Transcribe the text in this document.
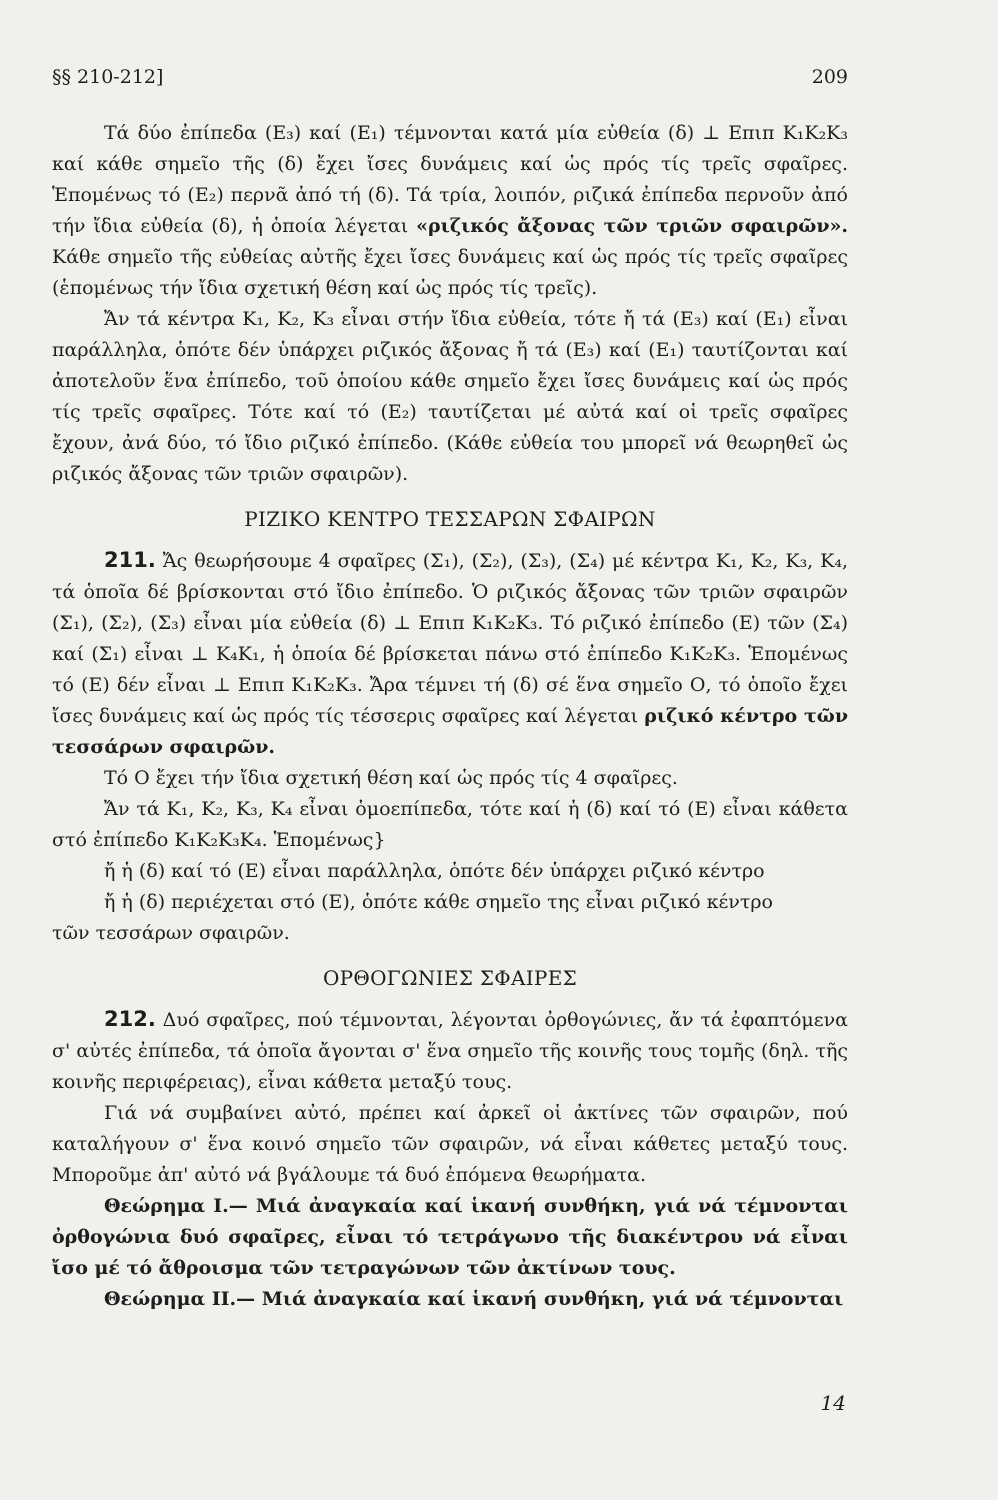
§§ 210-212]	209

Τά δύο ἐπίπεδα (Ε₃) καί (Ε₁) τέμνονται κατά μία εὐθεία (δ) ⊥ Επιπ Κ₁Κ₂Κ₃ καί κάθε σημεῖο τῆς (δ) ἔχει ἴσες δυνάμεις καί ὡς πρός τίς τρεῖς σφαῖρες. Ἑπομένως τό (Ε₂) περνᾶ ἀπό τή (δ). Τά τρία, λοιπόν, ριζικά ἐπίπεδα περνοῦν ἀπό τήν ἴδια εὐθεία (δ), ἡ ὁποία λέγεται «ριζικός ἄξονας τῶν τριῶν σφαιρῶν». Κάθε σημεῖο τῆς εὐθείας αὐτῆς ἔχει ἴσες δυνάμεις καί ὡς πρός τίς τρεῖς σφαῖρες (ἑπομένως τήν ἴδια σχετική θέση καί ὡς πρός τίς τρεῖς).

Ἄν τά κέντρα Κ₁, Κ₂, Κ₃ εἶναι στήν ἴδια εὐθεία, τότε ἤ τά (Ε₃) καί (Ε₁) εἶναι παράλληλα, ὁπότε δέν ὑπάρχει ριζικός ἄξονας ἤ τά (Ε₃) καί (Ε₁) ταυτίζονται καί ἀποτελοῦν ἕνα ἐπίπεδο, τοῦ ὁποίου κάθε σημεῖο ἔχει ἴσες δυνάμεις καί ὡς πρός τίς τρεῖς σφαῖρες. Τότε καί τό (Ε₂) ταυτίζεται μέ αὐτά καί οἱ τρεῖς σφαῖρες ἔχουν, ἀνά δύο, τό ἴδιο ριζικό ἐπίπεδο. (Κάθε εὐθεία του μπορεῖ νά θεωρηθεῖ ὡς ριζικός ἄξονας τῶν τριῶν σφαιρῶν).

ΡΙΖΙΚΟ ΚΕΝΤΡΟ ΤΕΣΣΑΡΩΝ ΣΦΑΙΡΩΝ

211. Ἄς θεωρήσουμε 4 σφαῖρες (Σ₁), (Σ₂), (Σ₃), (Σ₄) μέ κέντρα Κ₁, Κ₂, Κ₃, Κ₄, τά ὁποῖα δέ βρίσκονται στό ἴδιο ἐπίπεδο. Ὁ ριζικός ἄξονας τῶν τριῶν σφαιρῶν (Σ₁), (Σ₂), (Σ₃) εἶναι μία εὐθεία (δ) ⊥ Επιπ Κ₁Κ₂Κ₃. Τό ριζικό ἐπίπεδο (Ε) τῶν (Σ₄) καί (Σ₁) εἶναι ⊥ Κ₄Κ₁, ἡ ὁποία δέ βρίσκεται πάνω στό ἐπίπεδο Κ₁Κ₂Κ₃. Ἑπομένως τό (Ε) δέν εἶναι ⊥ Επιπ Κ₁Κ₂Κ₃. Ἄρα τέμνει τή (δ) σέ ἕνα σημεῖο Ο, τό ὁποῖο ἔχει ἴσες δυνάμεις καί ὡς πρός τίς τέσσερις σφαῖρες καί λέγεται ριζικό κέντρο τῶν τεσσάρων σφαιρῶν.

Τό Ο ἔχει τήν ἴδια σχετική θέση καί ὡς πρός τίς 4 σφαῖρες.

Ἄν τά Κ₁, Κ₂, Κ₃, Κ₄ εἶναι ὁμοεπίπεδα, τότε καί ἡ (δ) καί τό (Ε) εἶναι κάθετα στό ἐπίπεδο Κ₁Κ₂Κ₃Κ₄. Ἑπομένως}

ἤ ἡ (δ) καί τό (Ε) εἶναι παράλληλα, ὁπότε δέν ὑπάρχει ριζικό κέντρο

ἤ ἡ (δ) περιέχεται στό (Ε), ὁπότε κάθε σημεῖο της εἶναι ριζικό κέντρο

τῶν τεσσάρων σφαιρῶν.

ΟΡΘΟΓΩΝΙΕΣ ΣΦΑΙΡΕΣ

212. Δυό σφαῖρες, πού τέμνονται, λέγονται ὀρθογώνιες, ἄν τά ἐφαπτόμενα σ' αὐτές ἐπίπεδα, τά ὁποῖα ἄγονται σ' ἕνα σημεῖο τῆς κοινῆς τους τομῆς (δηλ. τῆς κοινῆς περιφέρειας), εἶναι κάθετα μεταξύ τους.

Γιά νά συμβαίνει αὐτό, πρέπει καί ἀρκεῖ οἱ ἀκτίνες τῶν σφαιρῶν, πού καταλήγουν σ' ἕνα κοινό σημεῖο τῶν σφαιρῶν, νά εἶναι κάθετες μεταξύ τους. Μποροῦμε ἀπ' αὐτό νά βγάλουμε τά δυό ἑπόμενα θεωρήματα.

Θεώρημα Ι.— Μιά ἀναγκαία καί ἱκανή συνθήκη, γιά νά τέμνονται ὀρθογώνια δυό σφαῖρες, εἶναι τό τετράγωνο τῆς διακέντρου νά εἶναι ἴσο μέ τό ἄθροισμα τῶν τετραγώνων τῶν ἀκτίνων τους.

Θεώρημα ΙΙ.— Μιά ἀναγκαία καί ἱκανή συνθήκη, γιά νά τέμνονται

14
